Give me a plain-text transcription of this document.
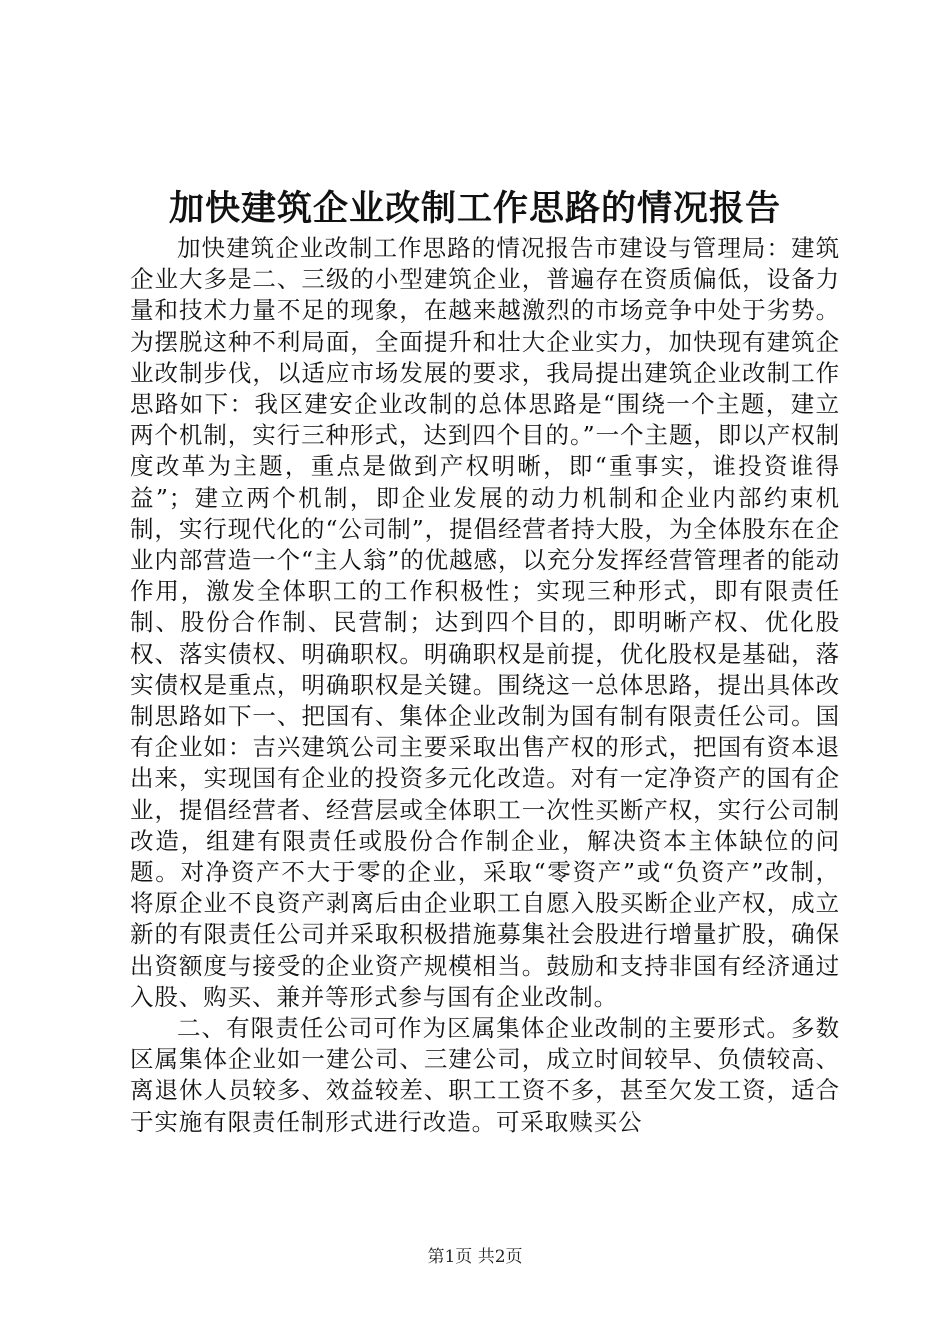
加快建筑企业改制工作思路的情况报告

加快建筑企业改制工作思路的情况报告市建设与管理局：建筑企业大多是二、三级的小型建筑企业，普遍存在资质偏低，设备力量和技术力量不足的现象，在越来越激烈的市场竞争中处于劣势。为摆脱这种不利局面，全面提升和壮大企业实力，加快现有建筑企业改制步伐，以适应市场发展的要求，我局提出建筑企业改制工作思路如下：我区建安企业改制的总体思路是“围绕一个主题，建立两个机制，实行三种形式，达到四个目的。”一个主题，即以产权制度改革为主题，重点是做到产权明晰，即“重事实，谁投资谁得益”；建立两个机制，即企业发展的动力机制和企业内部约束机制，实行现代化的“公司制”，提倡经营者持大股，为全体股东在企业内部营造一个“主人翁”的优越感，以充分发挥经营管理者的能动作用，激发全体职工的工作积极性；实现三种形式，即有限责任制、股份合作制、民营制；达到四个目的，即明晰产权、优化股权、落实债权、明确职权。明确职权是前提，优化股权是基础，落实债权是重点，明确职权是关键。围绕这一总体思路，提出具体改制思路如下一、把国有、集体企业改制为国有制有限责任公司。国有企业如：吉兴建筑公司主要采取出售产权的形式，把国有资本退出来，实现国有企业的投资多元化改造。对有一定净资产的国有企业，提倡经营者、经营层或全体职工一次性买断产权，实行公司制改造，组建有限责任或股份合作制企业，解决资本主体缺位的问题。对净资产不大于零的企业，采取“零资产”或“负资产”改制，将原企业不良资产剥离后由企业职工自愿入股买断企业产权，成立新的有限责任公司并采取积极措施募集社会股进行增量扩股，确保出资额度与接受的企业资产规模相当。鼓励和支持非国有经济通过入股、购买、兼并等形式参与国有企业改制。

二、有限责任公司可作为区属集体企业改制的主要形式。多数区属集体企业如一建公司、三建公司，成立时间较早、负债较高、离退休人员较多、效益较差、职工工资不多，甚至欠发工资，适合于实施有限责任制形式进行改造。可采取赎买公

第1页 共2页
